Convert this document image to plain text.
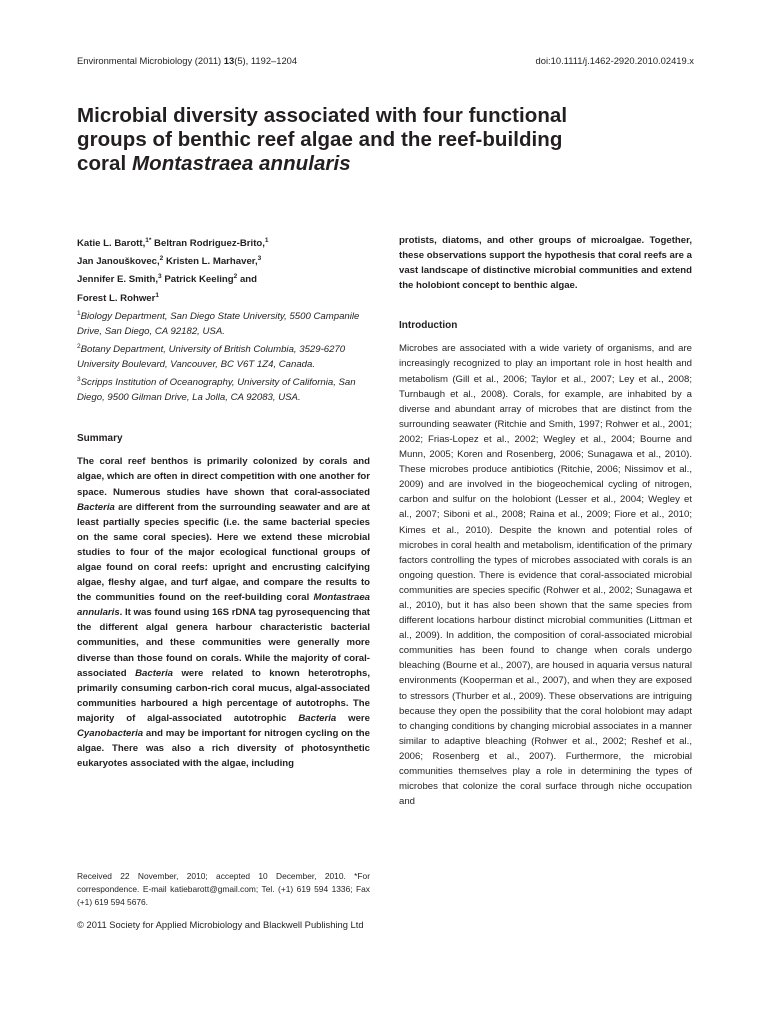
Environmental Microbiology (2011) 13(5), 1192–1204	doi:10.1111/j.1462-2920.2010.02419.x
Microbial diversity associated with four functional
groups of benthic reef algae and the reef-building
coral Montastraea annularis
Katie L. Barott,$^{1*}$ Beltran Rodriguez-Brito,$^1$
Jan Janouškovec,$^2$ Kristen L. Marhaver,$^3$
Jennifer E. Smith,$^3$ Patrick Keeling$^2$ and
Forest L. Rohwer$^1$
$^1$Biology Department, San Diego State University, 5500 Campanile Drive, San Diego, CA 92182, USA.
$^2$Botany Department, University of British Columbia, 3529-6270 University Boulevard, Vancouver, BC V6T 1Z4, Canada.
$^3$Scripps Institution of Oceanography, University of California, San Diego, 9500 Gilman Drive, La Jolla, CA 92083, USA.
Summary
The coral reef benthos is primarily colonized by corals and algae, which are often in direct competition with one another for space. Numerous studies have shown that coral-associated Bacteria are different from the surrounding seawater and are at least partially species specific (i.e. the same bacterial species on the same coral species). Here we extend these microbial studies to four of the major ecological functional groups of algae found on coral reefs: upright and encrusting calcifying algae, fleshy algae, and turf algae, and compare the results to the communities found on the reef-building coral Montastraea annularis. It was found using 16S rDNA tag pyrosequencing that the different algal genera harbour characteristic bacterial communities, and these communities were generally more diverse than those found on corals. While the majority of coral-associated Bacteria were related to known heterotrophs, primarily consuming carbon-rich coral mucus, algal-associated communities harboured a high percentage of autotrophs. The majority of algal-associated autotrophic Bacteria were Cyanobacteria and may be important for nitrogen cycling on the algae. There was also a rich diversity of photosynthetic eukaryotes associated with the algae, including
Received 22 November, 2010; accepted 10 December, 2010. *For correspondence. E-mail katiebarott@gmail.com; Tel. (+1) 619 594 1336; Fax (+1) 619 594 5676.
© 2011 Society for Applied Microbiology and Blackwell Publishing Ltd
protists, diatoms, and other groups of microalgae. Together, these observations support the hypothesis that coral reefs are a vast landscape of distinctive microbial communities and extend the holobiont concept to benthic algae.
Introduction
Microbes are associated with a wide variety of organisms, and are increasingly recognized to play an important role in host health and metabolism (Gill et al., 2006; Taylor et al., 2007; Ley et al., 2008; Turnbaugh et al., 2008). Corals, for example, are inhabited by a diverse and abundant array of microbes that are distinct from the surrounding seawater (Ritchie and Smith, 1997; Rohwer et al., 2001; 2002; Frias-Lopez et al., 2002; Wegley et al., 2004; Bourne and Munn, 2005; Koren and Rosenberg, 2006; Sunagawa et al., 2010). These microbes produce antibiotics (Ritchie, 2006; Nissimov et al., 2009) and are involved in the biogeochemical cycling of nitrogen, carbon and sulfur on the holobiont (Lesser et al., 2004; Wegley et al., 2007; Siboni et al., 2008; Raina et al., 2009; Fiore et al., 2010; Kimes et al., 2010). Despite the known and potential roles of microbes in coral health and metabolism, identification of the primary factors controlling the types of microbes associated with corals is an ongoing question. There is evidence that coral-associated microbial communities are species specific (Rohwer et al., 2002; Sunagawa et al., 2010), but it has also been shown that the same species from different locations harbour distinct microbial communities (Littman et al., 2009). In addition, the composition of coral-associated microbial communities has been found to change when corals undergo bleaching (Bourne et al., 2007), are housed in aquaria versus natural environments (Kooperman et al., 2007), and when they are exposed to stressors (Thurber et al., 2009). These observations are intriguing because they open the possibility that the coral holobiont may adapt to changing conditions by changing microbial associates in a manner similar to adaptive bleaching (Rohwer et al., 2002; Reshef et al., 2006; Rosenberg et al., 2007). Furthermore, the microbial communities themselves play a role in determining the types of microbes that colonize the coral surface through niche occupation and
